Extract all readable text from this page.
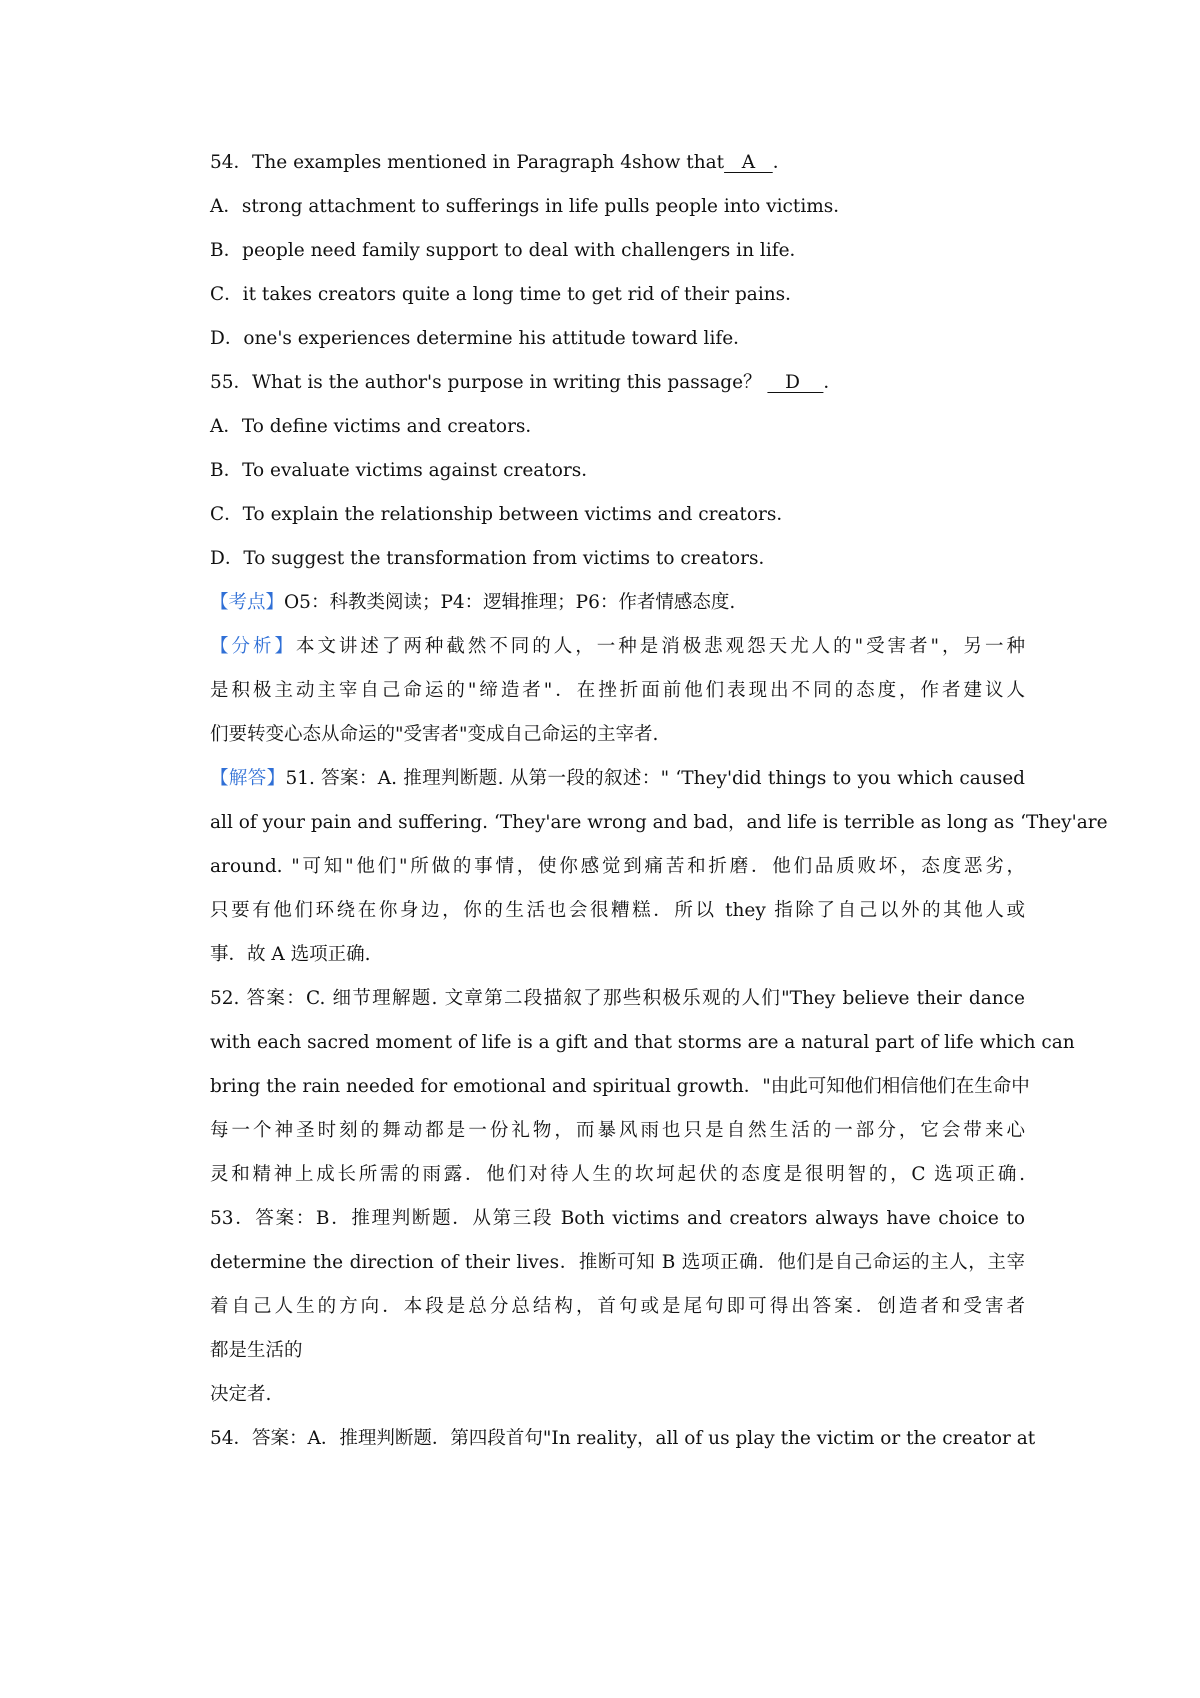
54．The examples mentioned in Paragraph 4show that   A   ．
A．strong attachment to sufferings in life pulls people into victims．
B．people need family support to deal with challengers in life．
C．it takes creators quite a long time to get rid of their pains．
D．one's experiences determine his attitude toward life．
55．What is the author's purpose in writing this passage？    D    ．
A．To define victims and creators．
B．To evaluate victims against creators．
C．To explain the relationship between victims and creators．
D．To suggest the transformation from victims to creators．
【考点】O5：科教类阅读；P4：逻辑推理；P6：作者情感态度.
【分析】本文讲述了两种截然不同的人，一种是消极悲观怨天尤人的"受害者"，另一种
是积极主动主宰自己命运的"缔造者"．在挫折面前他们表现出不同的态度，作者建议人
们要转变心态从命运的"受害者"变成自己命运的主宰者.
【解答】51. 答案：A. 推理判断题. 从第一段的叙述：" ‘They'did things to you which caused
all of your pain and suffering. ‘They'are wrong and bad，and life is terrible as long as ‘They'are
around. "可知"他们"所做的事情，使你感觉到痛苦和折磨．他们品质败坏，态度恶劣，
只要有他们环绕在你身边，你的生活也会很糟糕．所以 they 指除了自己以外的其他人或
事．故 A 选项正确.
52. 答案：C. 细节理解题. 文章第二段描叙了那些积极乐观的人们"They believe their dance
with each sacred moment of life is a gift and that storms are a natural part of life which can
bring the rain needed for emotional and spiritual growth．"由此可知他们相信他们在生命中
每一个神圣时刻的舞动都是一份礼物，而暴风雨也只是自然生活的一部分，它会带来心
灵和精神上成长所需的雨露．他们对待人生的坎坷起伏的态度是很明智的，C 选项正确.
53．答案：B．推理判断题．从第三段 Both victims and creators always have choice to
determine the direction of their lives．推断可知 B 选项正确．他们是自己命运的主人，主宰
着自己人生的方向．本段是总分总结构，首句或是尾句即可得出答案．创造者和受害者
都是生活的
决定者.
54．答案：A．推理判断题．第四段首句"In reality，all of us play the victim or the creator at
